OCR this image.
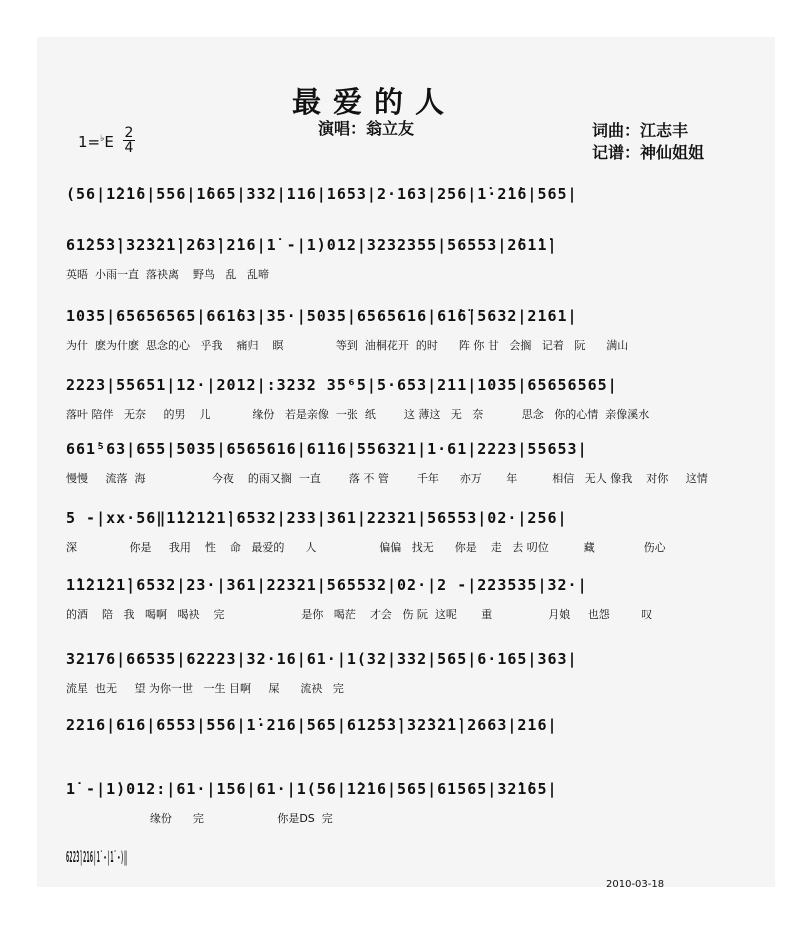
最爱的人
演唱：翁立友	词曲：江志丰
记谱：神仙姐姐
1=♭E 2
4
(56|1̇2̇1̇6|556|1̇665|332|116|1653|2·163|256|1̇·2̇1̇6|565|
61̇2̇5̇3̇|32̇3̇2̇1̇|2̇63̇|2̇16|1̇ -|1̇)012|3232355|56553|2̇61̇1̇|
英晤  小雨一直  落袂离    野鸟   乱   乱啼
1035|65656565|661̇63|35·|5035|6565616|61̇6̈|5632|2161|
为什  麽为什麽  思念的心   乎我    痛归    瞑               等到  油桐花开  的时      阵 你 甘   会搁   记着   阮      满山
2223|55651|12·|2012|:3232 35⁶5|5·653|211|1035|65656565|
落叶 陪伴   无奈     的男    儿            缘份   若是亲像  一张  纸        这 薄这   无   奈           思念   你的心情  亲像溪水
661̇⁵63|655|5035|6565616|61̇16|556321|1·61|2223|55653|
慢慢     流落  海                   今夜    的雨又搁  一直        落 不 管        千年      亦万       年          相信   无人 像我    对你     这情
5 -|xx·56‖1̇1̇21̇21̇|6532|233|361|22321|56553|02·|256|
深               你是     我用    性    命   最爱的      人                  偏偏   找无      你是    走   去 叨位          藏              伤心
1̇1̇21̇21̇|6532|23·|361|22321|565532|02·|2 -|223535|32·|
的酒    陪   我   喝啊   喝袂    完                      是你   喝茫    才会   伤 阮  这呢       重                月娘     也怨         叹
32176|66535|62223|32·16|61·|1(32|332|565|6·165|363|
流星  也无     望 为你一世   一生 目啊     屎      流袂   完
2216|616|6553|556|1̇·216|565|612̇5̇3̇|32̇3̇2̇1̇|2663|216|
1̇ -|1̇)012:|61·|156|61·|1(56|1̇2̇16|565|61565|32̇1̇65|
缘份      完                     你是DS  完
622̇3̇|216|1̇ -|1̇ -)‖
2010-03-18
